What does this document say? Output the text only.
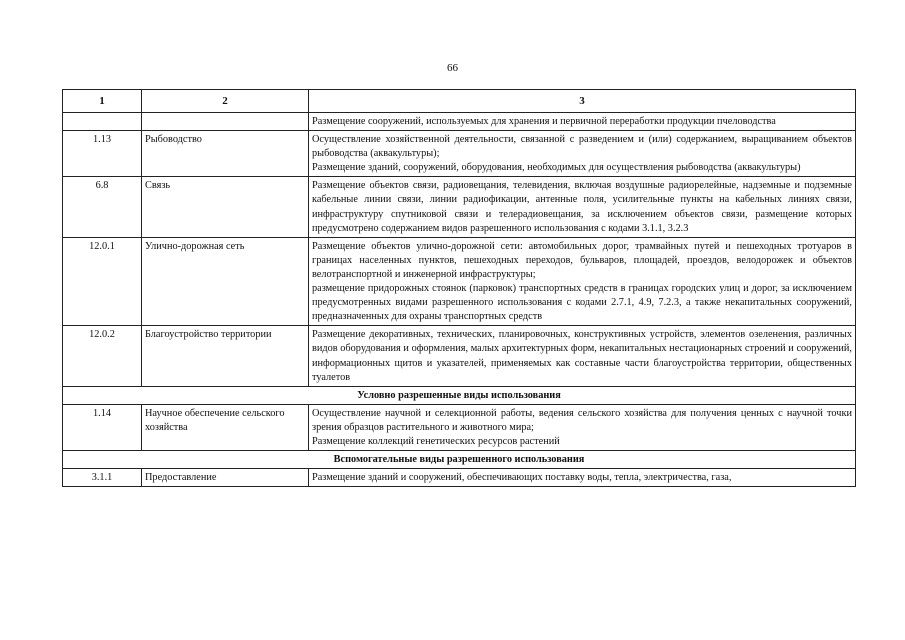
66
1	2	3

		Размещение сооружений, используемых для хранения и первичной переработки продукции пчеловодства

1.13	Рыбоводство	Осуществление хозяйственной деятельности, связанной с разведением и (или) содержанием, выращиванием объектов рыбоводства (аквакультуры);
Размещение зданий, сооружений, оборудования, необходимых для осуществления рыбоводства (аквакультуры)

6.8	Связь	Размещение объектов связи, радиовещания, телевидения, включая воздушные радиорелейные, надземные и подземные кабельные линии связи, линии радиофикации, антенные поля, усилительные пункты на кабельных линиях связи, инфраструктуру спутниковой связи и телерадиовещания, за исключением объектов связи, размещение которых предусмотрено содержанием видов разрешенного использования с кодами 3.1.1, 3.2.3

12.0.1	Улично-дорожная сеть	Размещение объектов улично-дорожной сети: автомобильных дорог, трамвайных путей и пешеходных тротуаров в границах населенных пунктов, пешеходных переходов, бульваров, площадей, проездов, велодорожек и объектов велотранспортной и инженерной инфраструктуры;
размещение придорожных стоянок (парковок) транспортных средств в границах городских улиц и дорог, за исключением предусмотренных видами разрешенного использования с кодами 2.7.1, 4.9, 7.2.3, а также некапитальных сооружений, предназначенных для охраны транспортных средств

12.0.2	Благоустройство территории	Размещение декоративных, технических, планировочных, конструктивных устройств, элементов озеленения, различных видов оборудования и оформления, малых архитектурных форм, некапитальных нестационарных строений и сооружений, информационных щитов и указателей, применяемых как составные части благоустройства территории, общественных туалетов

Условно разрешенные виды использования		
1.14	Научное обеспечение сельского хозяйства	Осуществление научной и селекционной работы, ведения сельского хозяйства для получения ценных с научной точки зрения образцов растительного и животного мира;
Размещение коллекций генетических ресурсов растений

Вспомогательные виды разрешенного использования		
3.1.1	Предоставление	Размещение зданий и сооружений, обеспечивающих поставку воды, тепла, электричества, газа,
